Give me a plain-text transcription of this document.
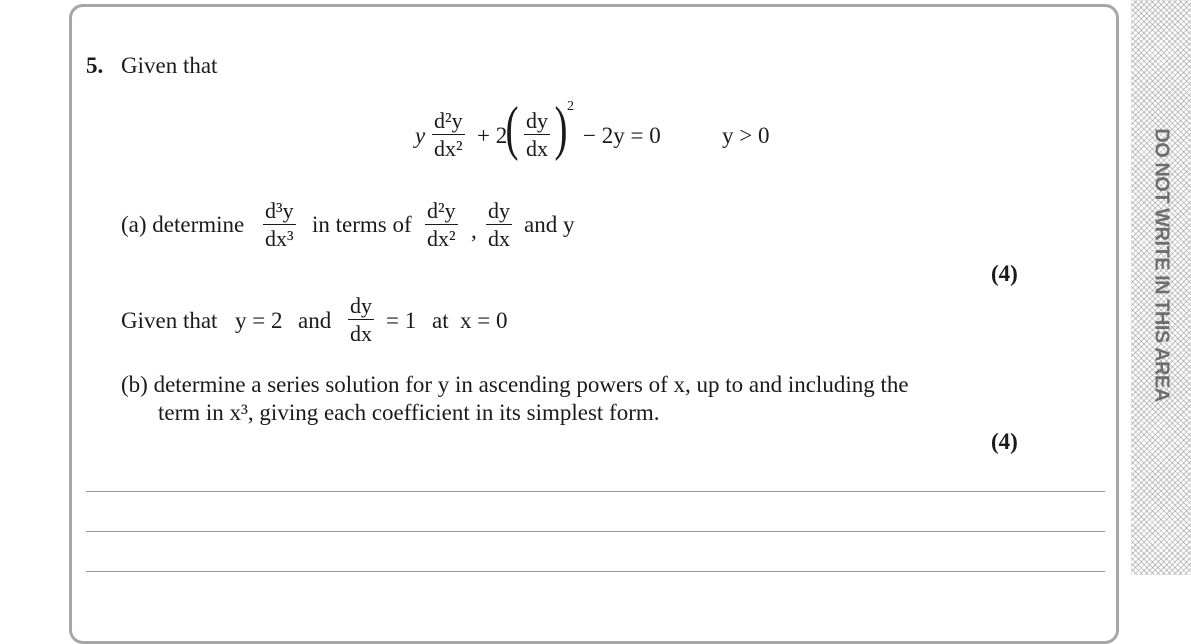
DO NOT WRITE IN THIS AREA
5. Given that
y
d²y
dx²
+ 2
( dy
dx ) 2
− 2y = 0	y > 0
(a) determine
d³y
dx³
in terms of
d²y
dx² ,
dy
dx
and y
(4)
Given that y = 2 and
dy
dx
= 1 at x = 0
(b) determine a series solution for y in ascending powers of x, up to and including the
term in x³, giving each coefficient in its simplest form.
(4)
